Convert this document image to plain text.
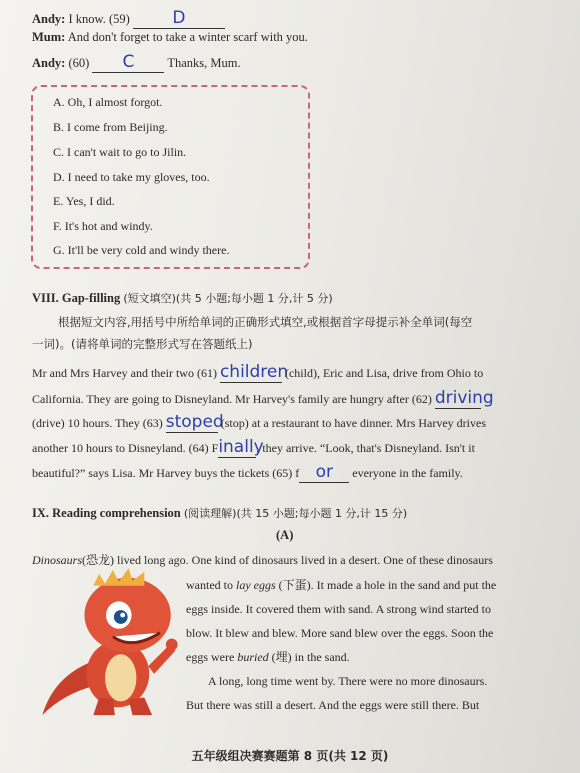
Andy: I know. (59)	D
Mum: And don't forget to take a winter scarf with you.
Andy: (60) C	Thanks, Mum.
A. Oh, I almost forgot.
B. I come from Beijing.
C. I can't wait to go to Jilin.
D. I need to take my gloves, too.
E. Yes, I did.
F. It's hot and windy.
G. It'll be very cold and windy there.
VIII. Gap-filling (短文填空)(共 5 小题;每小题 1 分,计 5 分)
根据短文内容,用括号中所给单词的正确形式填空,或根据首字母提示补全单词(每空
一词)。(请将单词的完整形式写在答题纸上)
Mr and Mrs Harvey and their two (61) children (child), Eric and Lisa, drive from Ohio to
California. They are going to Disneyland. Mr Harvey's family are hungry after (62) driving
(drive) 10 hours. They (63) stoped (stop) at a restaurant to have dinner. Mrs Harvey drives
another 10 hours to Disneyland. (64) Finally, they arrive. “Look, that's Disneyland. Isn't it
beautiful?” says Lisa. Mr Harvey buys the tickets (65) f or everyone in the family.
IX. Reading comprehension (阅读理解)(共 15 小题;每小题 1 分,计 15 分)
(A)
Dinosaurs(恐龙) lived long ago. One kind of dinosaurs lived in a desert. One of these dinosaurs
wanted to lay eggs (下蛋). It made a hole in the sand and put the
eggs inside. It covered them with sand. A strong wind started to
blow. It blew and blew. More sand blew over the eggs. Soon the
eggs were buried (埋) in the sand.
A long, long time went by. There were no more dinosaurs.
But there was still a desert. And the eggs were still there. But
五年级组决赛赛题第 8 页(共 12 页)
